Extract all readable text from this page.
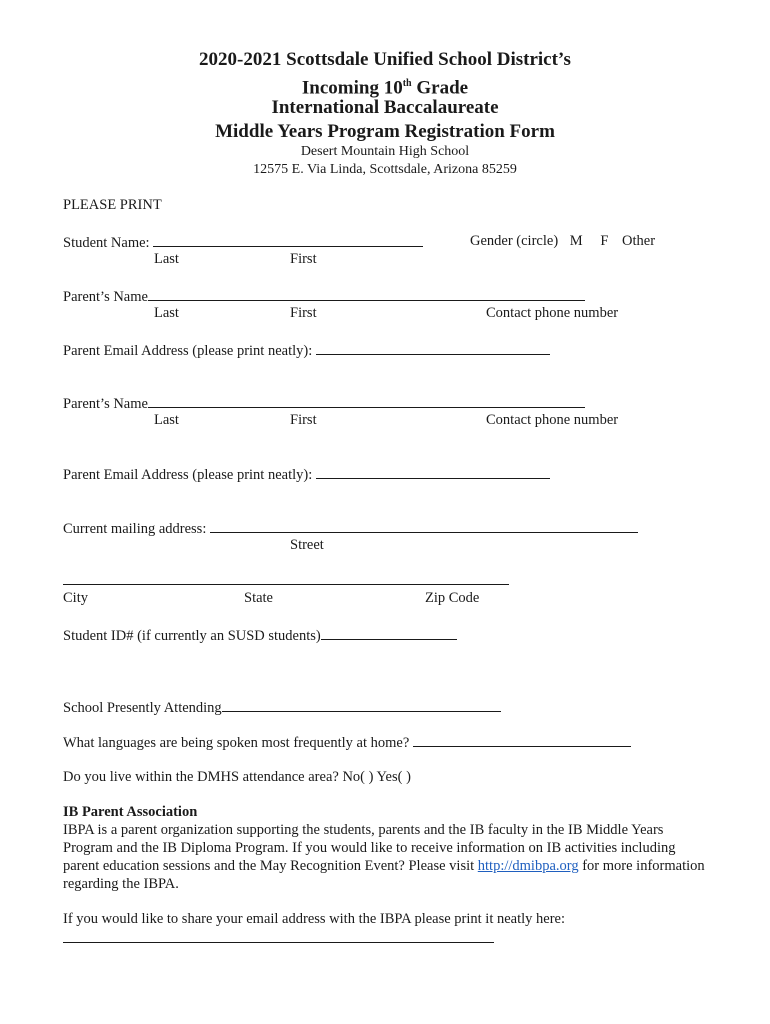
2020-2021 Scottsdale Unified School District’s
Incoming 10th Grade
International Baccalaureate
Middle Years Program Registration Form
Desert Mountain High School
12575 E. Via Linda, Scottsdale, Arizona 85259
PLEASE PRINT
Student Name:	Gender (circle) M F Other
Last	First
Parent’s Name
Last	First	Contact phone number
Parent Email Address (please print neatly):
Parent’s Name
Last	First	Contact phone number
Parent Email Address (please print neatly):
Current mailing address:
Street
City	State	Zip Code
Student ID# (if currently an SUSD students)
School Presently Attending
What languages are being spoken most frequently at home?
Do you live within the DMHS attendance area? No( ) Yes( )
IB Parent Association
IBPA is a parent organization supporting the students, parents and the IB faculty in the IB Middle Years Program and the IB Diploma Program. If you would like to receive information on IB activities including parent education sessions and the May Recognition Event? Please visit http://dmibpa.org for more information regarding the IBPA.
If you would like to share your email address with the IBPA please print it neatly here:
